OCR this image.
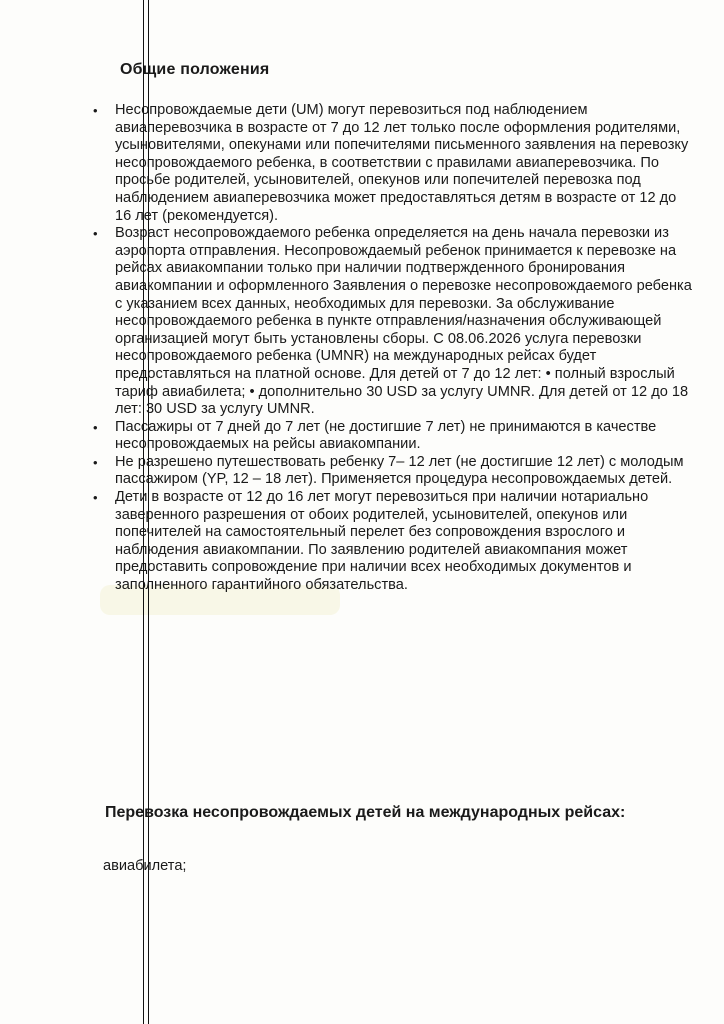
Общие положения
• Несопровождаемые дети (UM) могут перевозиться под наблюдением авиаперевозчика в возрасте от 7 до 12 лет только после оформления родителями, усыновителями, опекунами или попечителями письменного заявления на перевозку несопровождаемого ребенка, в соответствии с правилами авиаперевозчика. По просьбе родителей, усыновителей, опекунов или попечителей перевозка под наблюдением авиаперевозчика может предоставляться детям в возрасте от 12 до 16 лет (рекомендуется).
• Возраст несопровождаемого ребенка определяется на день начала перевозки из аэропорта отправления. Несопровождаемый ребенок принимается к перевозке на рейсах авиакомпании только при наличии подтвержденного бронирования авиакомпании и оформленного Заявления о перевозке несопровождаемого ребенка с указанием всех данных, необходимых для перевозки. За обслуживание несопровождаемого ребенка в пункте отправления/назначения обслуживающей организацией могут быть установлены сборы. С 08.06.2026 услуга перевозки несопровождаемого ребенка (UMNR) на международных рейсах будет предоставляться на платной основе. Для детей от 7 до 12 лет: • полный взрослый тариф авиабилета; • дополнительно 30 USD за услугу UMNR. Для детей от 12 до 18 лет: 30 USD за услугу UMNR.
• Пассажиры от 7 дней до 7 лет (не достигшие 7 лет) не принимаются в качестве несопровождаемых на рейсы авиакомпании.
• Не разрешено путешествовать ребенку 7– 12 лет (не достигшие 12 лет) с молодым пассажиром (YP, 12 – 18 лет). Применяется процедура несопровождаемых детей.
• Дети в возрасте от 12 до 16 лет могут перевозиться при наличии нотариально заверенного разрешения от обоих родителей, усыновителей, опекунов или попечителей на самостоятельный перелет без сопровождения взрослого и наблюдения авиакомпании. По заявлению родителей авиакомпания может предоставить сопровождение при наличии всех необходимых документов и заполненного гарантийного обязательства.
Перевозка несопровождаемых детей на международных рейсах:
авиабилета;
